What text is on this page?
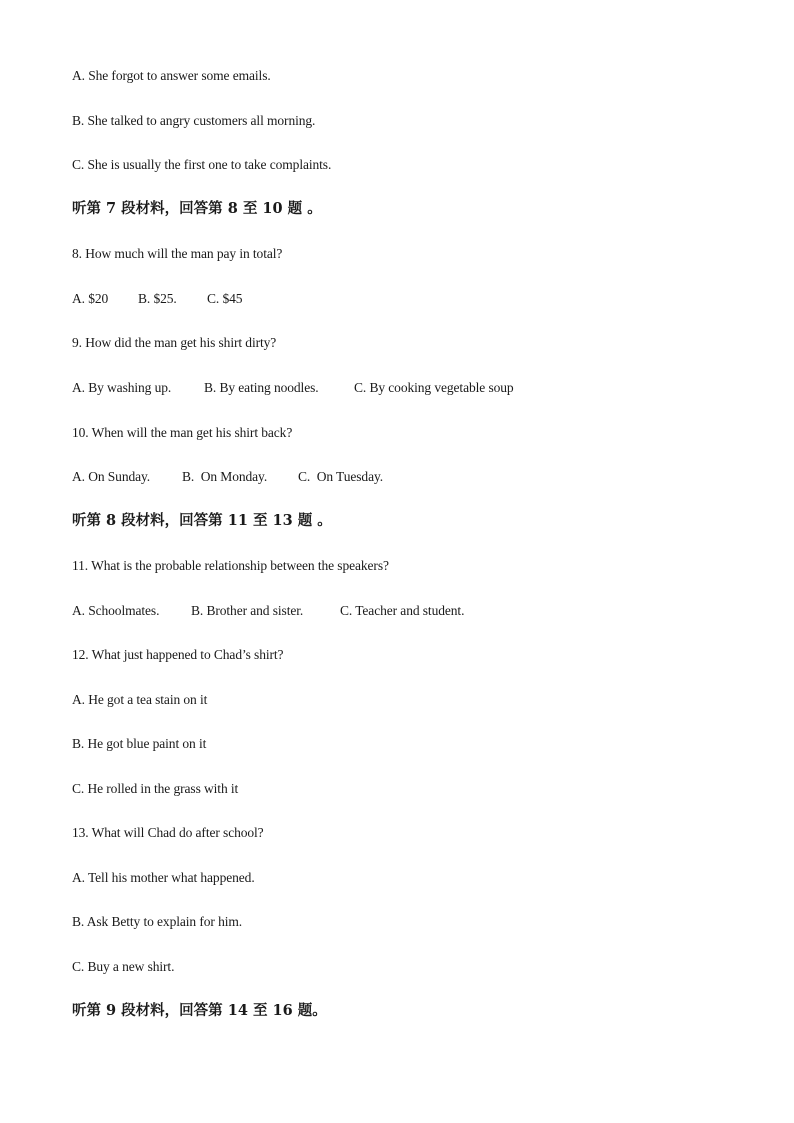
A. She forgot to answer some emails.
B. She talked to angry customers all morning.
C. She is usually the first one to take complaints.
听第 7 段材料，回答第 8 至 10 题 。
8. How much will the man pay in total?
A. $20 B. $25. C. $45
9. How did the man get his shirt dirty?
A. By washing up. B. By eating noodles.	C. By cooking vegetable soup
10. When will the man get his shirt back?
A. On Sunday. B.  On Monday. C.  On Tuesday.
听第 8 段材料，回答第 11 至 13 题 。
11. What is the probable relationship between the speakers?
A. Schoolmates. B. Brother and sister.	C. Teacher and student.
12. What just happened to Chad’s shirt?
A. He got a tea stain on it
B. He got blue paint on it
C. He rolled in the grass with it
13. What will Chad do after school?
A. Tell his mother what happened.
B. Ask Betty to explain for him.
C. Buy a new shirt.
听第 9 段材料，回答第 14 至 16 题。
